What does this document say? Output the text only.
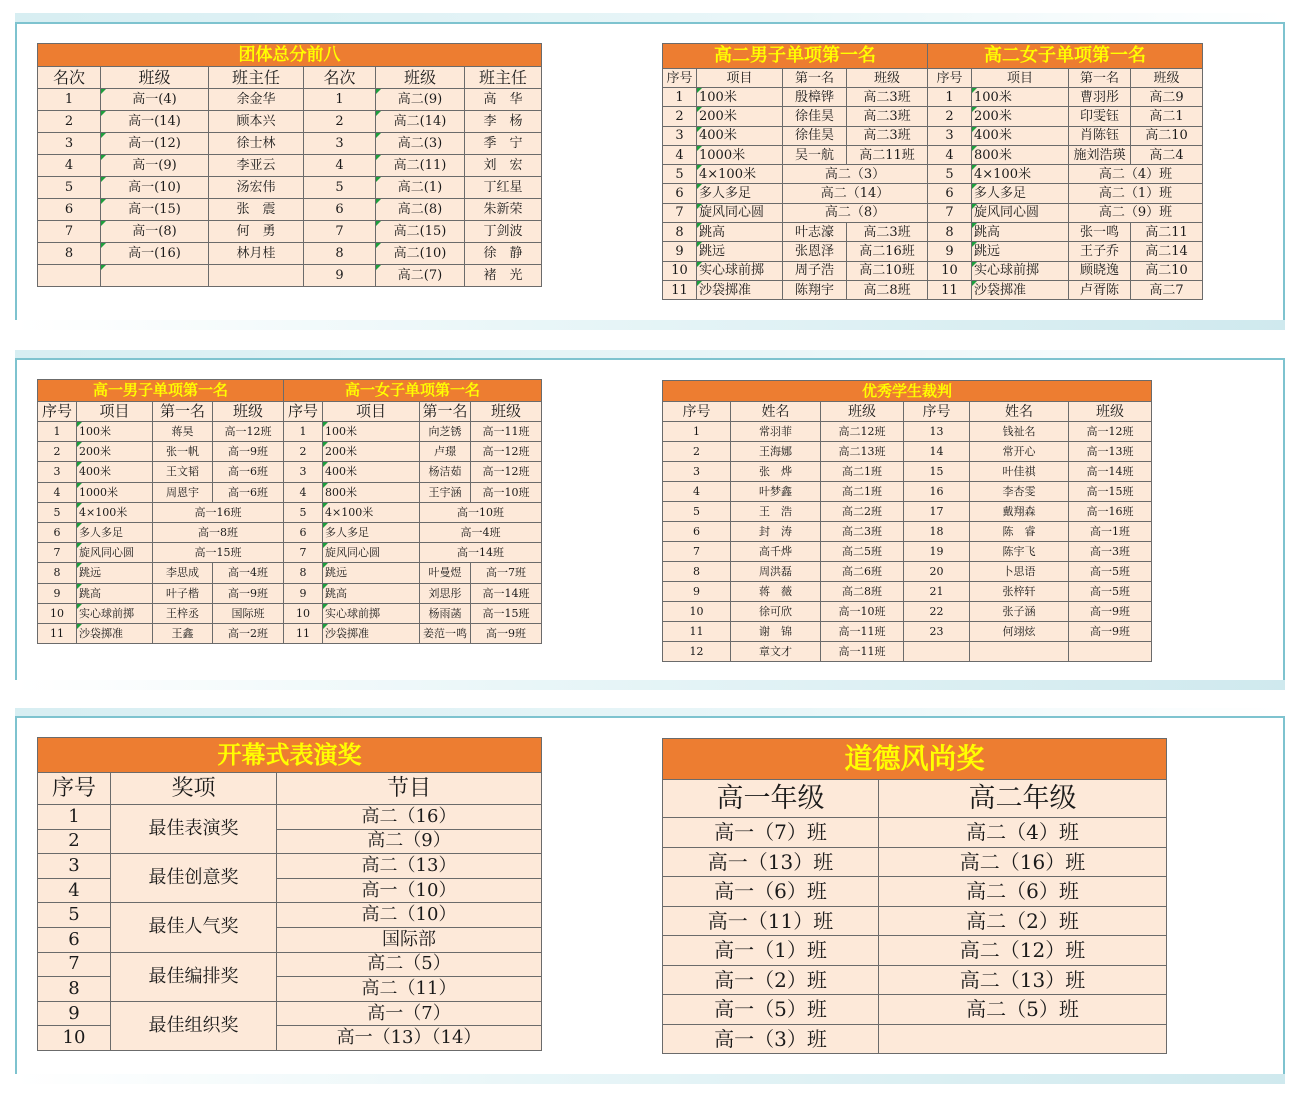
团体总分前八					
名次	班级	班主任	名次	班级	班主任
1	高一(4)	余金华	1	高二(9)	高　华
2	高一(14)	顾本兴	2	高二(14)	李　杨
3	高一(12)	徐士林	3	高二(3)	季　宁
4	高一(9)	李亚云	4	高二(11)	刘　宏
5	高一(10)	汤宏伟	5	高二(1)	丁红星
6	高一(15)	张　震	6	高二(8)	朱新荣
7	高一(8)	何　勇	7	高二(15)	丁剑波
8	高一(16)	林月桂	8	高二(10)	徐　静
			9	高二(7)	褚　光
高二男子单项第一名				高二女子单项第一名			
序号	项目	第一名	班级	序号	项目	第一名	班级
1	100米	殷樟铧	高二3班	1	100米	曹羽彤	高二9
2	200米	徐佳昊	高二3班	2	200米	印雯钰	高二1
3	400米	徐佳昊	高二3班	3	400米	肖陈钰	高二10
4	1000米	吴一航	高二11班	4	800米	施刘浩瑛	高二4
5	4×100米	高二（3）		5	4×100米	高二（4）班	
6	多人多足	高二（14）		6	多人多足	高二（1）班	
7	旋风同心圆	高二（8）		7	旋风同心圆	高二（9）班	
8	跳高	叶志濠	高二3班	8	跳高	张一鸣	高二11
9	跳远	张恩泽	高二16班	9	跳远	王子乔	高二14
10	实心球前掷	周子浩	高二10班	10	实心球前掷	顾晓逸	高二10
11	沙袋掷准	陈翔宇	高二8班	11	沙袋掷准	卢胥陈	高二7
高一男子单项第一名				高一女子单项第一名			
序号	项目	第一名	班级	序号	项目	第一名	班级
1	100米	蒋昊	高一12班	1	100米	向芝锈	高一11班
2	200米	张一帆	高一9班	2	200米	卢璟	高一12班
3	400米	王文韬	高一6班	3	400米	杨洁茹	高一12班
4	1000米	周恩宇	高一6班	4	800米	王宇涵	高一10班
5	4×100米	高一16班		5	4×100米	高一10班	
6	多人多足	高一8班		6	多人多足	高一4班	
7	旋风同心圆	高一15班		7	旋风同心圆	高一14班	
8	跳远	李思成	高一4班	8	跳远	叶曼煜	高一7班
9	跳高	叶子楷	高一9班	9	跳高	刘思彤	高一14班
10	实心球前掷	王梓丞	国际班	10	实心球前掷	杨雨菡	高一15班
11	沙袋掷准	王鑫	高一2班	11	沙袋掷准	姜范一鸣	高一9班
优秀学生裁判					
序号	姓名	班级	序号	姓名	班级
1	常羽菲	高二12班	13	钱祉名	高一12班
2	王海娜	高二13班	14	常开心	高一13班
3	张　烨	高二1班	15	叶佳祺	高一14班
4	叶梦鑫	高二1班	16	李杏雯	高一15班
5	王　浩	高二2班	17	戴翔森	高一16班
6	封　涛	高二3班	18	陈　睿	高一1班
7	高千烨	高二5班	19	陈宇飞	高一3班
8	周洪磊	高二6班	20	卜思语	高一5班
9	蒋　薇	高二8班	21	张梓轩	高一5班
10	徐可欣	高一10班	22	张子涵	高一9班
11	谢　锦	高一11班	23	何翊炫	高一9班
12	章文才	高一11班			
开幕式表演奖		
序号	奖项	节目
1	最佳表演奖	高二（16）
2		高二（9）
3	最佳创意奖	高二（13）
4		高一（10）
5	最佳人气奖	高二（10）
6		国际部
7	最佳编排奖	高二（5）
8		高二（11）
9	最佳组织奖	高一（7）
10		高一（13）（14）
道德风尚奖	
高一年级	高二年级
高一（7）班	高二（4）班
高一（13）班	高二（16）班
高一（6）班	高二（6）班
高一（11）班	高二（2）班
高一（1）班	高二（12）班
高一（2）班	高二（13）班
高一（5）班	高二（5）班
高一（3）班	
